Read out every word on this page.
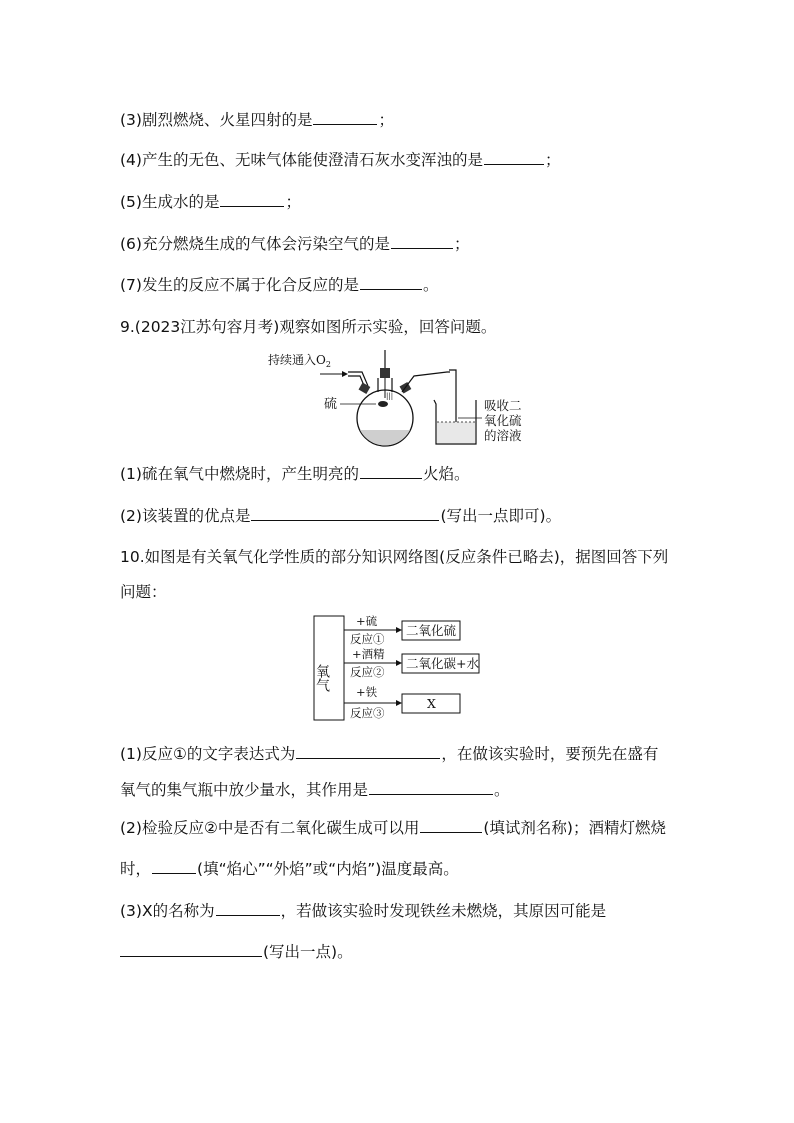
(3)剧烈燃烧、火星四射的是	；
(4)产生的无色、无味气体能使澄清石灰水变浑浊的是	；
(5)生成水的是	；
(6)充分燃烧生成的气体会污染空气的是	；
(7)发生的反应不属于化合反应的是	。
9.(2023江苏句容月考)观察如图所示实验，回答问题。
持续通入$O_2$
|||
硫	吸收二
氧化硫
的溶液
(1)硫在氧气中燃烧时，产生明亮的	火焰。
(2)该装置的优点是	(写出一点即可)。
10.如图是有关氧气化学性质的部分知识网络图(反应条件已略去)，据图回答下列
问题：
氧气
+硫
反应①
二氧化硫
+酒精
反应②
二氧化碳+水
+铁
反应③
X
(1)反应①的文字表达式为	，在做该实验时，要预先在盛有
氧气的集气瓶中放少量水，其作用是	。
(2)检验反应②中是否有二氧化碳生成可以用	(填试剂名称)；酒精灯燃烧
时，	(填“焰心”“外焰”或“内焰”)温度最高。
(3)X的名称为	，若做该实验时发现铁丝未燃烧，其原因可能是
(写出一点)。
